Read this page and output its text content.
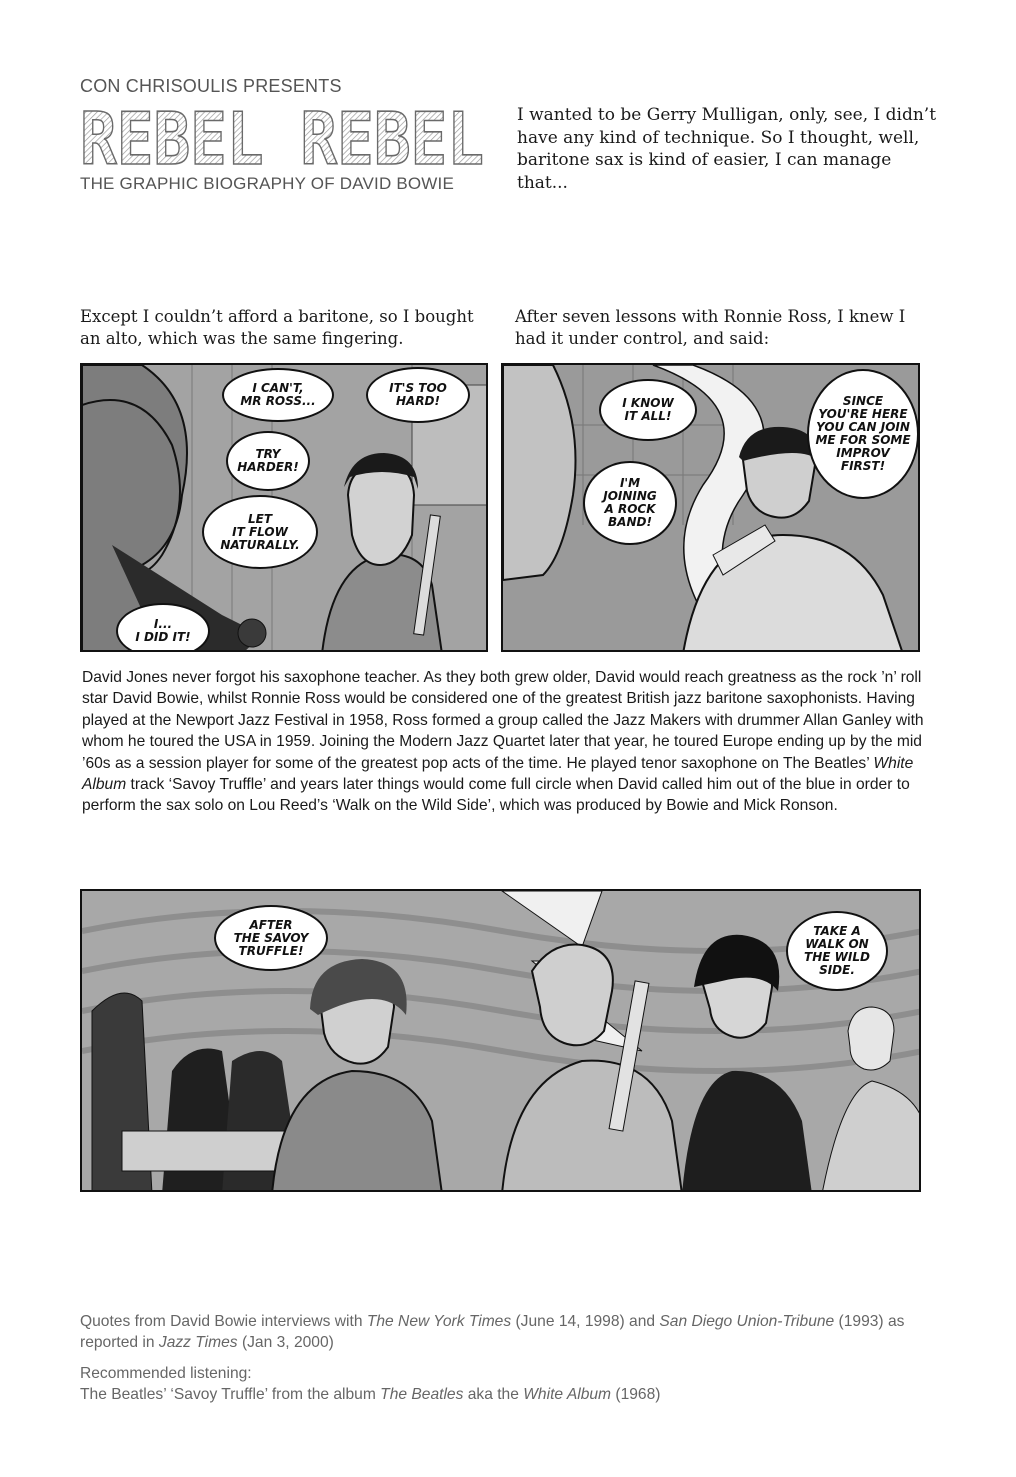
CON CHRISOULIS PRESENTS
REBEL REBEL
THE GRAPHIC BIOGRAPHY OF DAVID BOWIE
I wanted to be Gerry Mulligan, only, see, I didn’t have any kind of technique. So I thought, well, baritone sax is kind of easier, I can manage that...
Except I couldn’t afford a baritone, so I bought an alto, which was the same fingering.
After seven lessons with Ronnie Ross, I knew I had it under control, and said:
I CAN'T,
MR ROSS...
IT'S TOO
HARD!
TRY
HARDER!
LET
IT FLOW
NATURALLY.
I...
I DID IT!
I KNOW
IT ALL!
I'M
JOINING
A ROCK
BAND!
SINCE
YOU'RE HERE
YOU CAN JOIN
ME FOR SOME
IMPROV
FIRST!

David Jones never forgot his saxophone teacher. As they both grew older, David would reach greatness as the rock ’n’ roll star David Bowie, whilst Ronnie Ross would be considered one of the greatest British jazz baritone saxophonists. Having played at the Newport Jazz Festival in 1958, Ross formed a group called the Jazz Makers with drummer Allan Ganley with whom he toured the USA in 1959. Joining the Modern Jazz Quartet later that year, he toured Europe ending up by the mid ’60s as a session player for some of the greatest pop acts of the time. He played tenor saxophone on The Beatles’ White Album track ‘Savoy Truffle’ and years later things would come full circle when David called him out of the blue in order to perform the sax solo on Lou Reed’s ‘Walk on the Wild Side’, which was produced by Bowie and Mick Ronson.

AFTER
THE SAVOY
TRUFFLE!
TAKE A
WALK ON
THE WILD
SIDE.

Quotes from David Bowie interviews with The New York Times (June 14, 1998) and San Diego Union-Tribune (1993) as reported in Jazz Times (Jan 3, 2000)

Recommended listening:

The Beatles’ ‘Savoy Truffle’ from the album The Beatles aka the White Album (1968)
